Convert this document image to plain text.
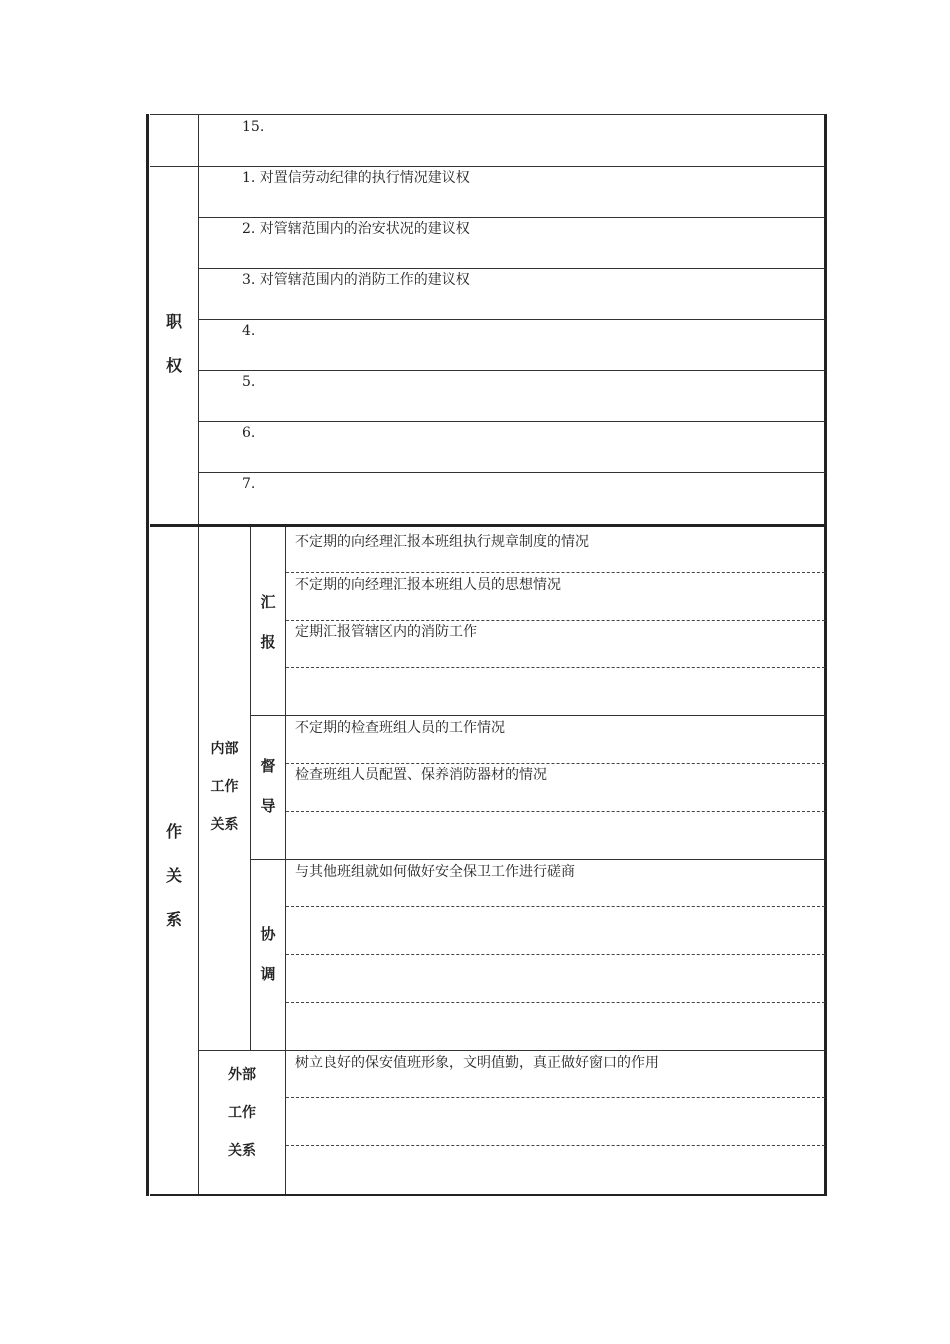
15.
1. 对置信劳动纪律的执行情况建议权
2. 对管辖范围内的治安状况的建议权
3. 对管辖范围内的消防工作的建议权
4.
5.
6.
7.
职
权
作
关
系
内部
工作
关系
汇
报
不定期的向经理汇报本班组执行规章制度的情况
不定期的向经理汇报本班组人员的思想情况
定期汇报管辖区内的消防工作
督
导
不定期的检查班组人员的工作情况
检查班组人员配置、保养消防器材的情况
协
调
与其他班组就如何做好安全保卫工作进行磋商
外部
工作
关系
树立良好的保安值班形象，文明值勤，真正做好窗口的作用
